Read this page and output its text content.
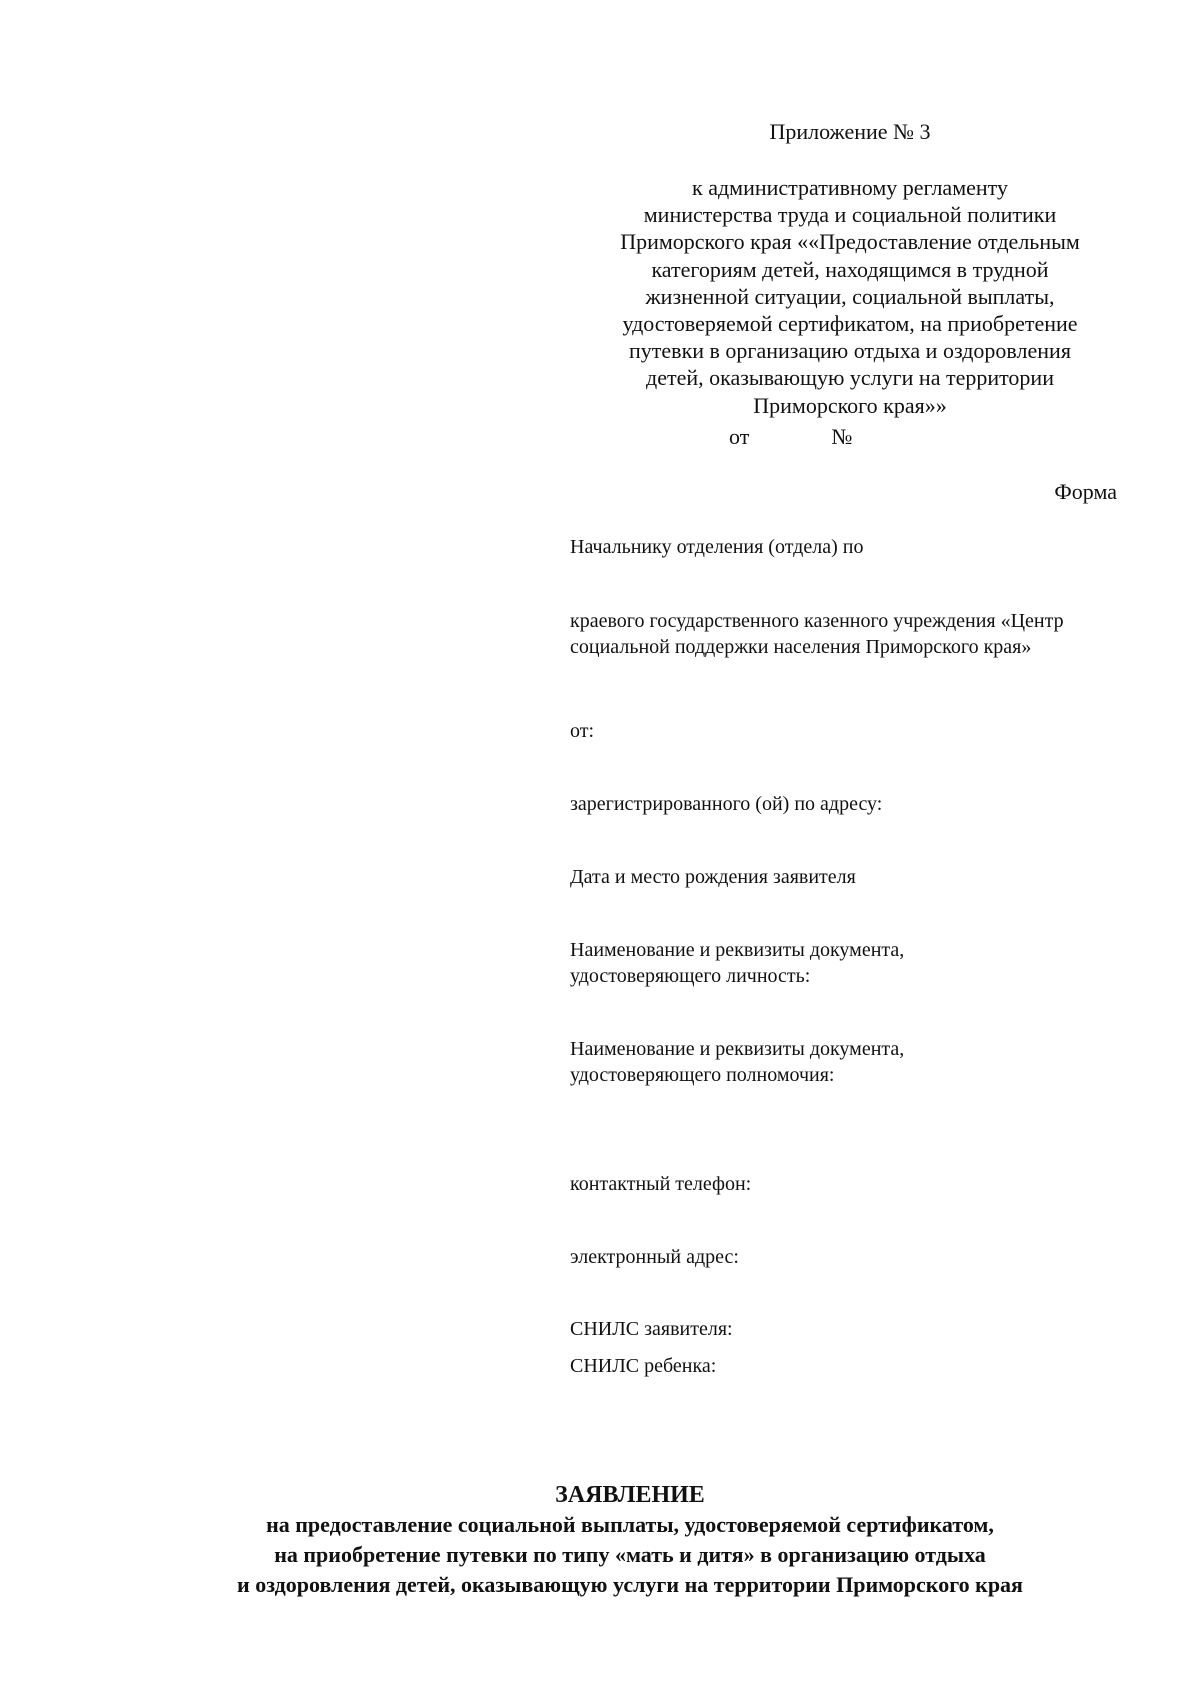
Приложение № 3
к административному регламенту
министерства труда и социальной политики
Приморского края ««Предоставление отдельным
категориям детей, находящимся в трудной
жизненной ситуации, социальной выплаты,
удостоверяемой сертификатом, на приобретение
путевки в организацию отдыха и оздоровления
детей, оказывающую услуги на территории
Приморского края»»
от	№
Форма
Начальнику отделения (отдела) по
краевого государственного казенного учреждения «Центр социальной поддержки населения Приморского края»
от:
зарегистрированного (ой) по адресу:
Дата и место рождения заявителя
Наименование и реквизиты документа, удостоверяющего личность:
Наименование и реквизиты документа, удостоверяющего полномочия:
контактный телефон:
электронный адрес:
СНИЛС заявителя:
СНИЛС ребенка:
ЗАЯВЛЕНИЕ
на предоставление социальной выплаты, удостоверяемой сертификатом,
на приобретение путевки по типу «мать и дитя» в организацию отдыха
и оздоровления детей, оказывающую услуги на территории Приморского края
